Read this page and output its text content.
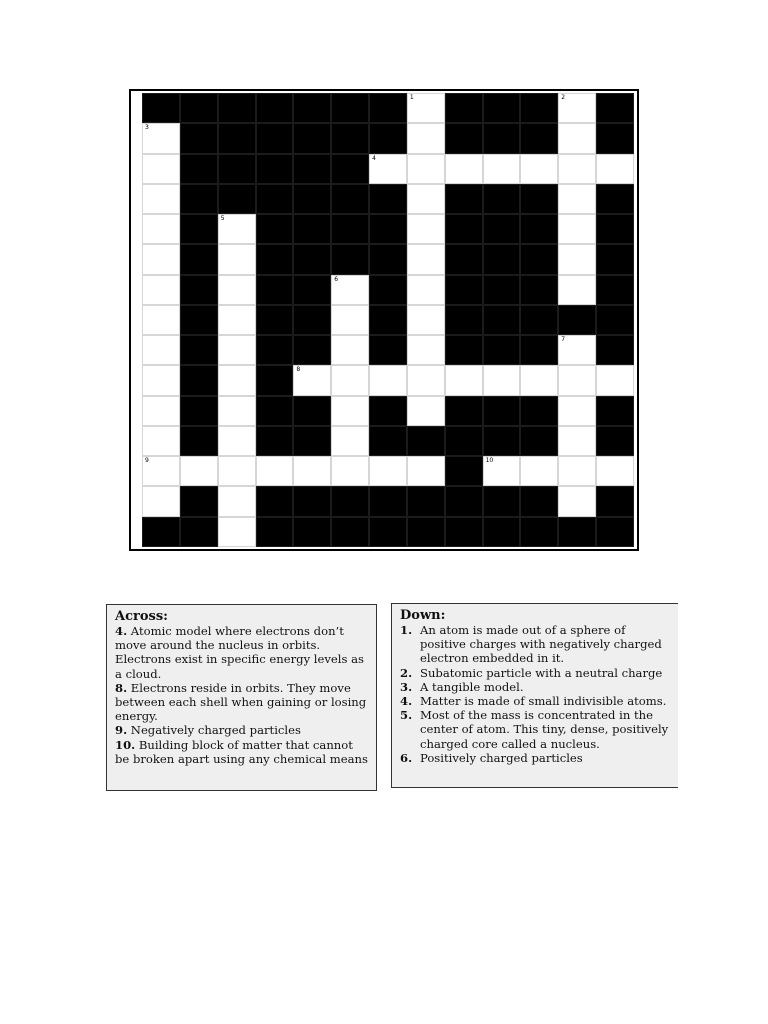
1	2
3
4
5
6
7
8
9	10
Across:
4. Atomic model where electrons don’t move around the nucleus in orbits. Electrons exist in specific energy levels as a cloud.
8. Electrons reside in orbits. They move between each shell when gaining or losing energy.
9. Negatively charged particles
10. Building block of matter that cannot be broken apart using any chemical means
Down:
1. An atom is made out of a sphere of positive charges with negatively charged electron embedded in it.
2. Subatomic particle with a neutral charge
3. A tangible model.
4. Matter is made of small indivisible atoms.
5. Most of the mass is concentrated in the center of atom. This tiny, dense, positively charged core called a nucleus.
6. Positively charged particles
